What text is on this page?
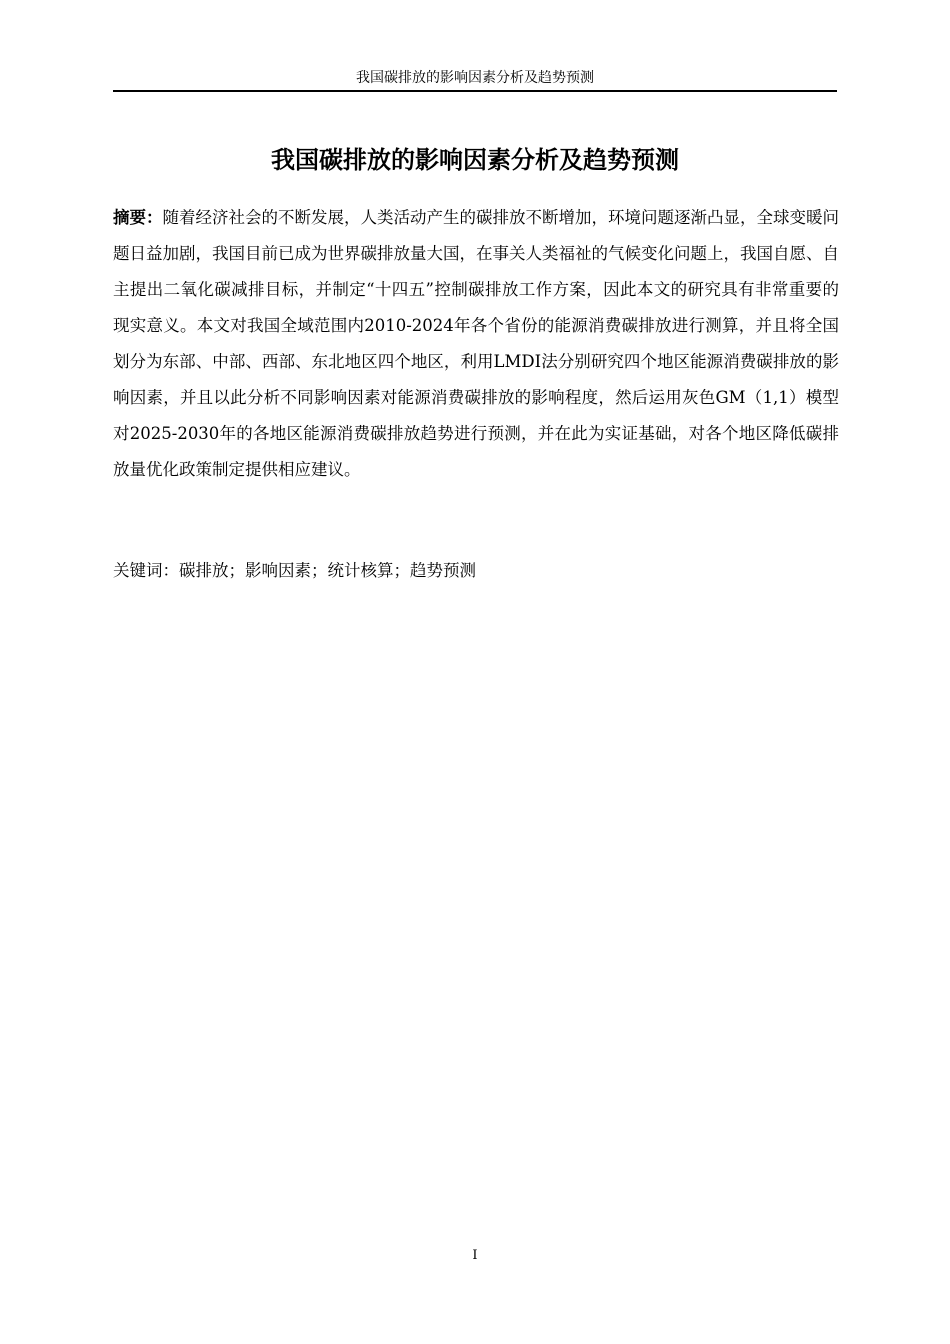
我国碳排放的影响因素分析及趋势预测
我国碳排放的影响因素分析及趋势预测

摘要：随着经济社会的不断发展，人类活动产生的碳排放不断增加，环境问题逐渐凸显，全球变暖问题日益加剧，我国目前已成为世界碳排放量大国，在事关人类福祉的气候变化问题上，我国自愿、自主提出二氧化碳减排目标，并制定“十四五”控制碳排放工作方案，因此本文的研究具有非常重要的现实意义。本文对我国全域范围内2010-2024年各个省份的能源消费碳排放进行测算，并且将全国划分为东部、中部、西部、东北地区四个地区，利用LMDI法分别研究四个地区能源消费碳排放的影响因素，并且以此分析不同影响因素对能源消费碳排放的影响程度，然后运用灰色GM（1,1）模型对2025-2030年的各地区能源消费碳排放趋势进行预测，并在此为实证基础，对各个地区降低碳排放量优化政策制定提供相应建议。

关键词：碳排放；影响因素；统计核算；趋势预测

I
